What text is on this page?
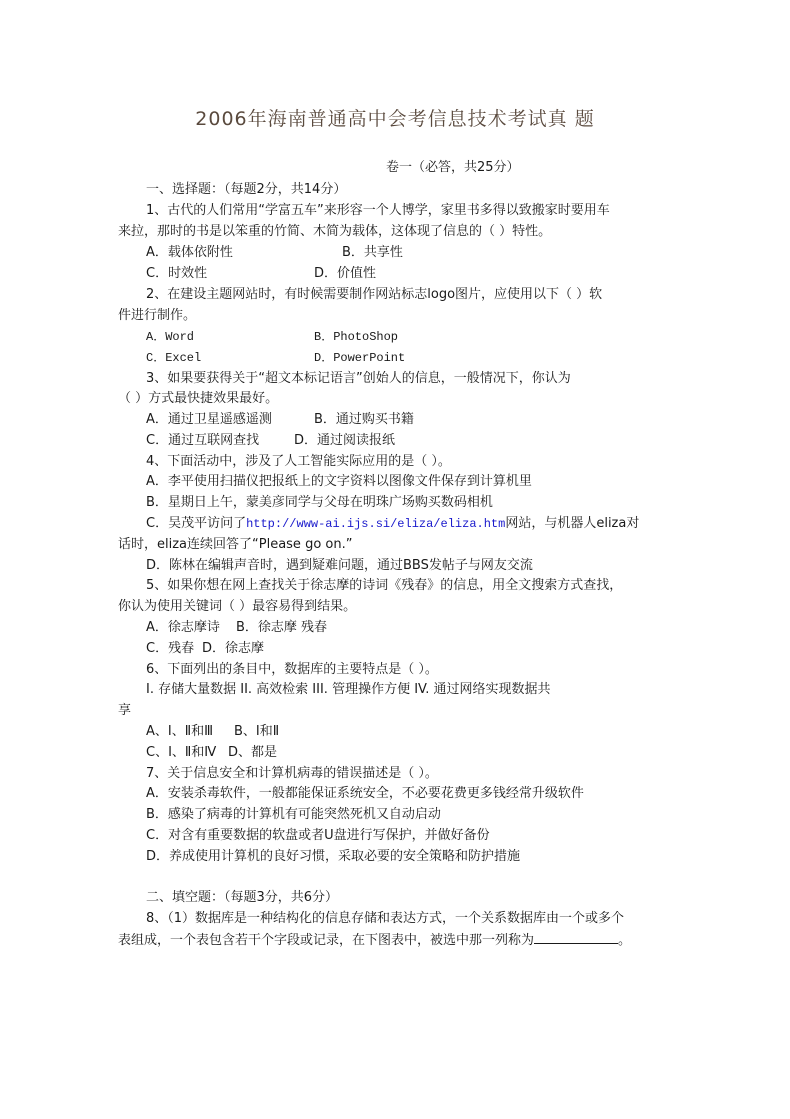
2006年海南普通高中会考信息技术考试真 题
卷一（必答，共25分）
一、选择题：（每题2分，共14分）
1、古代的人们常用“学富五车”来形容一个人博学，家里书多得以致搬家时要用车
来拉，那时的书是以笨重的竹简、木简为载体，这体现了信息的（ ）特性。
A．载体依附性	B．共享性
C．时效性	D．价值性
2、在建设主题网站时，有时候需要制作网站标志logo图片，应使用以下（ ）软
件进行制作。
A．Word	B．PhotoShop
C．Excel	D．PowerPoint
3、如果要获得关于“超文本标记语言”创始人的信息，一般情况下，你认为
（ ）方式最快捷效果最好。
A．通过卫星遥感遥测	B．通过购买书籍
C．通过互联网查找	D．通过阅读报纸
4、下面活动中，涉及了人工智能实际应用的是（ ）。
A．李平使用扫描仪把报纸上的文字资料以图像文件保存到计算机里
B．星期日上午，蒙美彦同学与父母在明珠广场购买数码相机
C．吴茂平访问了http://www-ai.ijs.si/eliza/eliza.htm网站，与机器人eliza对
话时，eliza连续回答了“Please go on.”
D．陈林在编辑声音时，遇到疑难问题，通过BBS发帖子与网友交流
5、如果你想在网上查找关于徐志摩的诗词《残春》的信息，用全文搜索方式查找，
你认为使用关键词（ ）最容易得到结果。
A．徐志摩诗 B．徐志摩 残春
C．残春 D．徐志摩
6、下面列出的条目中，数据库的主要特点是（ ）。
I. 存储大量数据 II. 高效检索 III. 管理操作方便 IV. 通过网络实现数据共
享
A、Ⅰ、Ⅱ和Ⅲ B、Ⅰ和Ⅱ
C、Ⅰ、Ⅱ和Ⅳ D、都是
7、关于信息安全和计算机病毒的错误描述是（ ）。
A．安装杀毒软件，一般都能保证系统安全，不必要花费更多钱经常升级软件
B．感染了病毒的计算机有可能突然死机又自动启动
C．对含有重要数据的软盘或者U盘进行写保护，并做好备份
D．养成使用计算机的良好习惯，采取必要的安全策略和防护措施
二、填空题：（每题3分，共6分）
8、（1）数据库是一种结构化的信息存储和表达方式，一个关系数据库由一个或多个
表组成，一个表包含若干个字段或记录，在下图表中，被选中那一列称为	。
